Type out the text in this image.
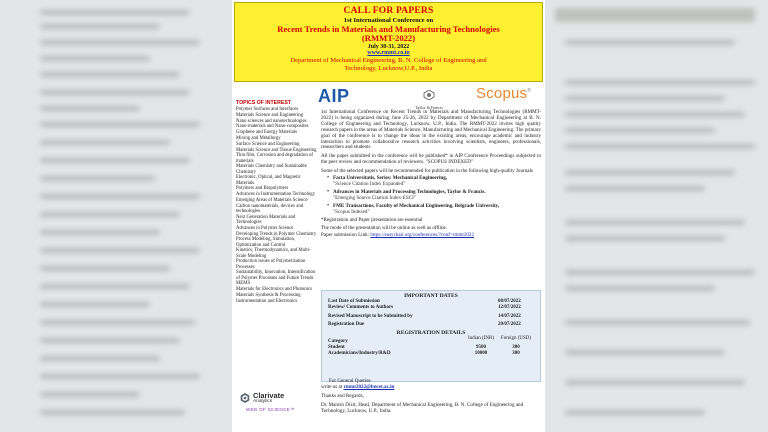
CALL FOR PAPERS
1st International Conference on
Recent Trends in Materials and Manufacturing Technologies
(RMMT-2022)
July 30-31, 2022
www.rmmt.co.in
Department of Mechanical Engineering, B. N. College of Engineering and
Technology, Lucknow,U.P., India
AIP
Taylor & Francis
Scopus®
TOPICS OF INTEREST
Polymer Surfaces and Interfaces
Materials Science and Engineering
Nano sciences and nanotechnologies
Nano-materials and Nano-composites
Graphene and Energy Materials
Mixing and Metallurgy
Surface Science and Engineering
Materials Science and Tissue Engineering
Thin film, Corrosion and degradation of materials
Materials Chemistry and Sustainable Chemistry
Electronic, Optical, and Magnetic Materials
Polymers and Biopolymers
Advances in Instrumentation Technology
Emerging Areas of Materials Science
Carbon nanomaterials, devices and technologies
Next Generation Materials and Technologies
Advances in Polymer Science
Developing Trends in Polymer Chemistry
Process Modeling, Simulation, Optimization and Control
Kinetics, Thermodynamics, and Multi-Scale Modeling
Production issues of Polymerization Processes
Sustainability, Innovation, Intensification of Polymer Processes and Future Trends
MEMS
Materials for Electronics and Photonics
Materials Synthesis & Processing
Instrumentation and Electronics
1st International Conference on Recent Trends in Materials and Manufacturing Technologies (RMMT-2022) is being organized during June 25-26, 2022 by Department of Mechanical Engineering at B. N. College of Engineering and Technology, Lucknow, U.P., India. The RMMT-2022 invites high quality research papers in the areas of Materials Science, Manufacturing and Mechanical Engineering. The primary goal of the conference is to change the ideas in the existing areas, encourage academic and industry interaction to promote collaborative research activities involving scientists, engineers, professionals, researchers and students
All the paper submitted in the conference will be published* in AIP Conference Proceedings subjected to the peer review and recommendation of reviewers. "SCOPUS INDEXED"
Some of the selected papers will be recommended for publication in the following high-quality Journals
• Facta Universitatis, Series: Mechanical Engineering,
"Science Citation Index Expanded"
• Advances in Materials and Processing Technologies, Taylor & Francis.
"Emerging Source Citation Index-ESCI"
• FME Transactions, Faculty of Mechanical Engineering, Belgrade University,
"Scopus Indexed"
*Registration and Paper presentation are essential
The mode of the presentation will be online as well as offline.
Paper submission Link: https://easychair.org/conferences/?conf=rmmt2022
IMPORTANT DATES
Last Date of Submission	08/07/2022
Review/ Comments to Authors	12/07/2022
Revised Manuscript to be Submitted by	14/07/2022
Registration Due	20/07/2022
REGISTRATION DETAILS
Category
Indian (INR)	Foreign (USD)
Student	9500	300
Academicians/Industry/R&D	10000	300
For General Queries
write us at rmmt2022@bncet.ac.in
Thanks and Regards,
Dr. Manish Dixit, Head, Department of Mechanical Engineering, B. N. College of Engineering and Technology, Lucknow, U.P., India.
Clarivate
Analytics
WEB OF SCIENCE™
